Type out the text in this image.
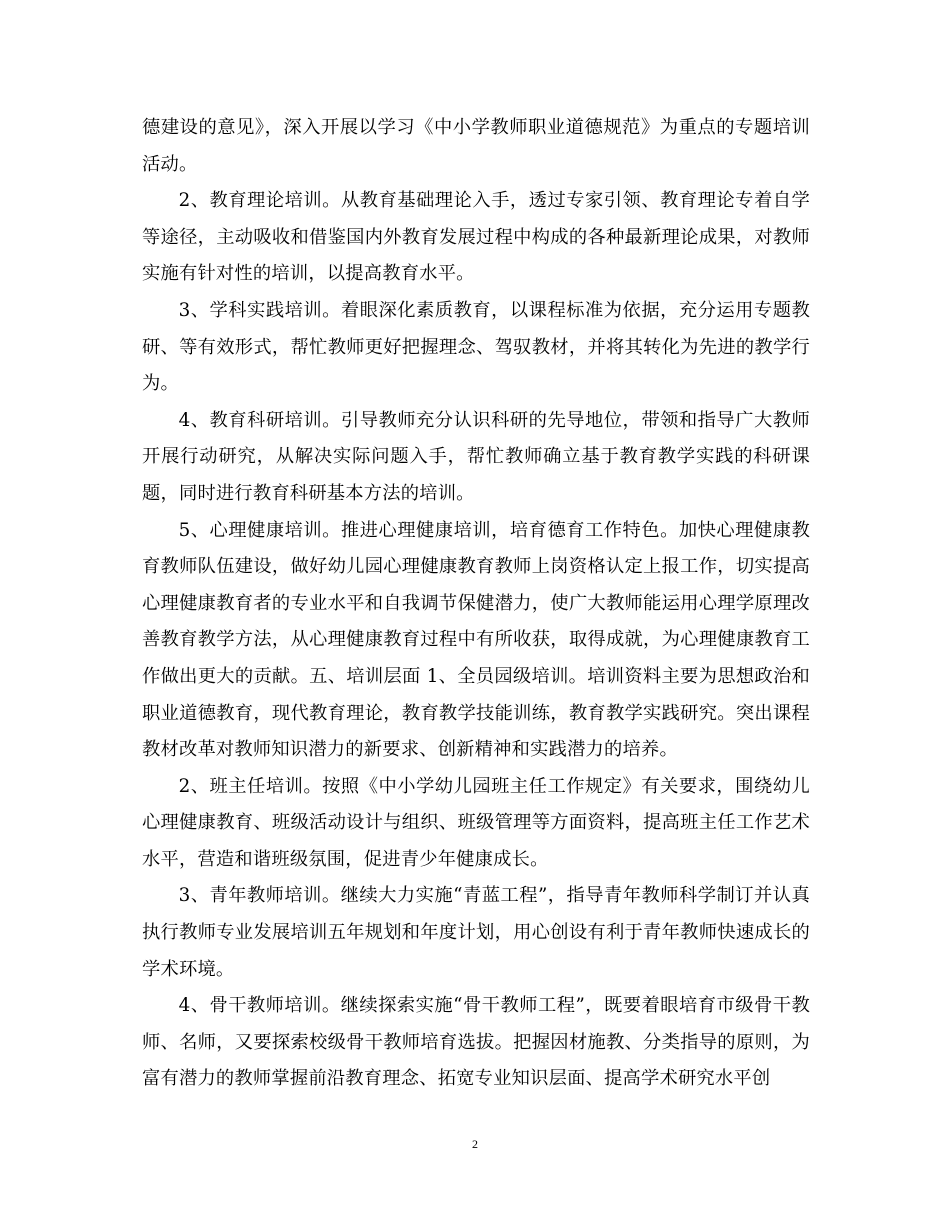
德建设的意见》，深入开展以学习《中小学教师职业道德规范》为重点的专题培训活动。

2、教育理论培训。从教育基础理论入手，透过专家引领、教育理论专着自学等途径，主动吸收和借鉴国内外教育发展过程中构成的各种最新理论成果，对教师实施有针对性的培训，以提高教育水平。

3、学科实践培训。着眼深化素质教育，以课程标准为依据，充分运用专题教研、等有效形式，帮忙教师更好把握理念、驾驭教材，并将其转化为先进的教学行为。

4、教育科研培训。引导教师充分认识科研的先导地位，带领和指导广大教师开展行动研究，从解决实际问题入手，帮忙教师确立基于教育教学实践的科研课题，同时进行教育科研基本方法的培训。

5、心理健康培训。推进心理健康培训，培育德育工作特色。加快心理健康教育教师队伍建设，做好幼儿园心理健康教育教师上岗资格认定上报工作，切实提高心理健康教育者的专业水平和自我调节保健潜力，使广大教师能运用心理学原理改善教育教学方法，从心理健康教育过程中有所收获，取得成就，为心理健康教育工作做出更大的贡献。五、培训层面 1、全员园级培训。培训资料主要为思想政治和职业道德教育，现代教育理论，教育教学技能训练，教育教学实践研究。突出课程教材改革对教师知识潜力的新要求、创新精神和实践潜力的培养。

2、班主任培训。按照《中小学幼儿园班主任工作规定》有关要求，围绕幼儿心理健康教育、班级活动设计与组织、班级管理等方面资料，提高班主任工作艺术水平，营造和谐班级氛围，促进青少年健康成长。

3、青年教师培训。继续大力实施“青蓝工程”，指导青年教师科学制订并认真执行教师专业发展培训五年规划和年度计划，用心创设有利于青年教师快速成长的学术环境。

4、骨干教师培训。继续探索实施“骨干教师工程”，既要着眼培育市级骨干教师、名师，又要探索校级骨干教师培育选拔。把握因材施教、分类指导的原则，为富有潜力的教师掌握前沿教育理念、拓宽专业知识层面、提高学术研究水平创

2
